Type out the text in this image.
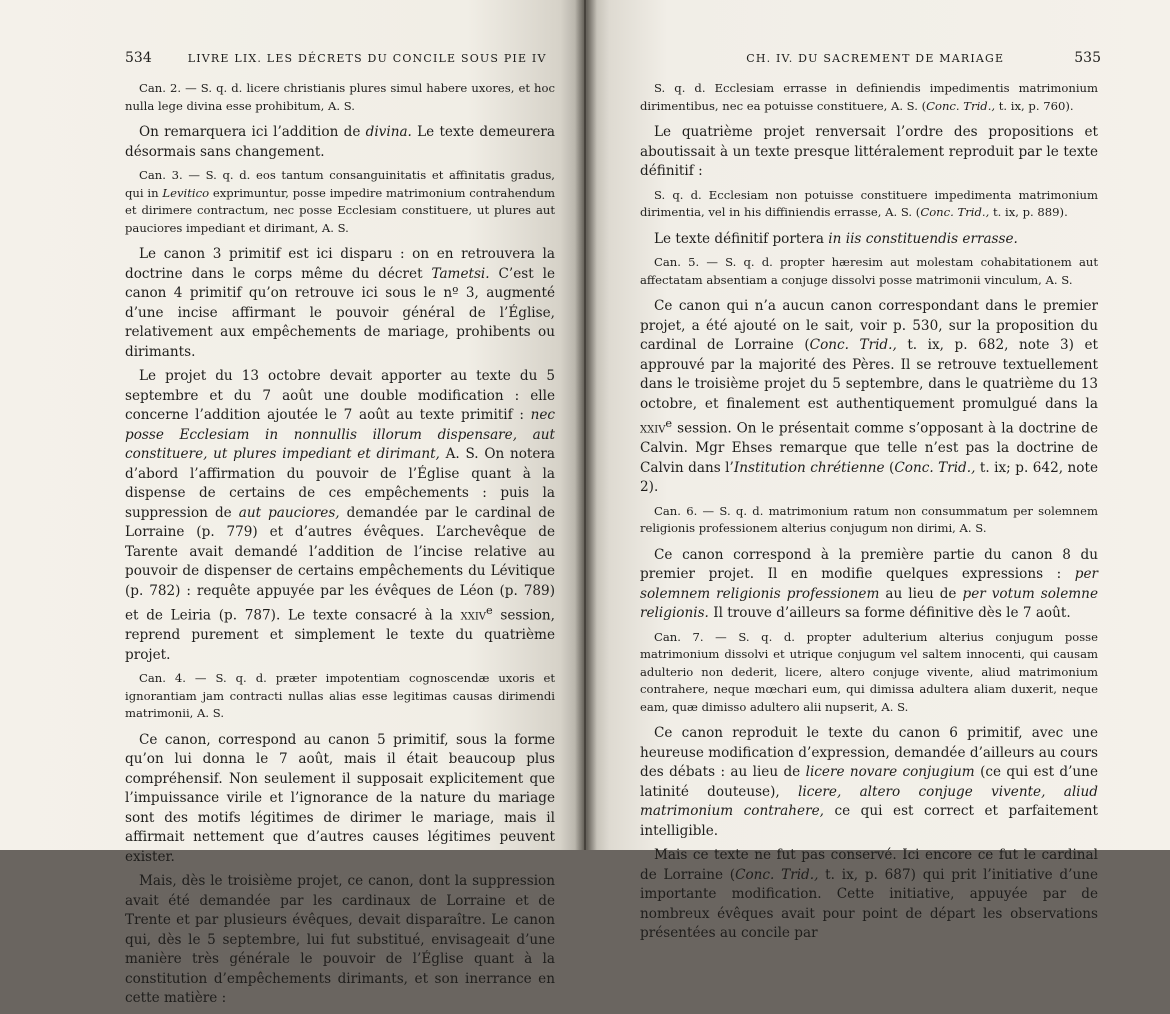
534	LIVRE LIX. LES DÉCRETS DU CONCILE SOUS PIE IV

Can. 2. — S. q. d. licere christianis plures simul habere uxores, et hoc nulla lege divina esse prohibitum, A. S.

On remarquera ici l’addition de divina. Le texte demeurera désormais sans changement.

Can. 3. — S. q. d. eos tantum consanguinitatis et affinitatis gradus, qui in Levitico exprimuntur, posse impedire matrimonium contrahendum et dirimere contractum, nec posse Ecclesiam constituere, ut plures aut pauciores impediant et dirimant, A. S.

Le canon 3 primitif est ici disparu : on en retrouvera la doctrine dans le corps même du décret Tametsi. C’est le canon 4 primitif qu’on retrouve ici sous le nº 3, augmenté d’une incise affirmant le pouvoir général de l’Église, relativement aux empêchements de mariage, prohibents ou dirimants.

Le projet du 13 octobre devait apporter au texte du 5 septembre et du 7 août une double modification : elle concerne l’addition ajoutée le 7 août au texte primitif : nec posse Ecclesiam in nonnullis illorum dispensare, aut constituere, ut plures impediant et dirimant, A. S. On notera d’abord l’affirmation du pouvoir de l’Église quant à la dispense de certains de ces empêchements : puis la suppression de aut pauciores, demandée par le cardinal de Lorraine (p. 779) et d’autres évêques. L’archevêque de Tarente avait demandé l’addition de l’incise relative au pouvoir de dispenser de certains empêchements du Lévitique (p. 782) : requête appuyée par les évêques de Léon (p. 789) et de Leiria (p. 787). Le texte consacré à la xxiv$^e$ session, reprend purement et simplement le texte du quatrième projet.

Can. 4. — S. q. d. præter impotentiam cognoscendæ uxoris et ignorantiam jam contracti nullas alias esse legitimas causas dirimendi matrimonii, A. S.

Ce canon, correspond au canon 5 primitif, sous la forme qu’on lui donna le 7 août, mais il était beaucoup plus compréhensif. Non seulement il supposait explicitement que l’impuissance virile et l’ignorance de la nature du mariage sont des motifs légitimes de dirimer le mariage, mais il affirmait nettement que d’autres causes légitimes peuvent exister.

Mais, dès le troisième projet, ce canon, dont la suppression avait été demandée par les cardinaux de Lorraine et de Trente et par plusieurs évêques, devait disparaître. Le canon qui, dès le 5 septembre, lui fut substitué, envisageait d’une manière très générale le pouvoir de l’Église quant à la constitution d’empêchements dirimants, et son inerrance en cette matière :

CH. IV. DU SACREMENT DE MARIAGE	535

S. q. d. Ecclesiam errasse in definiendis impedimentis matrimonium dirimentibus, nec ea potuisse constituere, A. S. (Conc. Trid., t. ix, p. 760).

Le quatrième projet renversait l’ordre des propositions et aboutissait à un texte presque littéralement reproduit par le texte définitif :

S. q. d. Ecclesiam non potuisse constituere impedimenta matrimonium dirimentia, vel in his diffiniendis errasse, A. S. (Conc. Trid., t. ix, p. 889).

Le texte définitif portera in iis constituendis errasse.

Can. 5. — S. q. d. propter hæresim aut molestam cohabitationem aut affectatam absentiam a conjuge dissolvi posse matrimonii vinculum, A. S.

Ce canon qui n’a aucun canon correspondant dans le premier projet, a été ajouté on le sait, voir p. 530, sur la proposition du cardinal de Lorraine (Conc. Trid., t. ix, p. 682, note 3) et approuvé par la majorité des Pères. Il se retrouve textuellement dans le troisième projet du 5 septembre, dans le quatrième du 13 octobre, et finalement est authentiquement promulgué dans la xxiv$^e$ session. On le présentait comme s’opposant à la doctrine de Calvin. Mgr Ehses remarque que telle n’est pas la doctrine de Calvin dans l’Institution chrétienne (Conc. Trid., t. ix; p. 642, note 2).

Can. 6. — S. q. d. matrimonium ratum non consummatum per solemnem religionis professionem alterius conjugum non dirimi, A. S.

Ce canon correspond à la première partie du canon 8 du premier projet. Il en modifie quelques expressions : per solemnem religionis professionem au lieu de per votum solemne religionis. Il trouve d’ailleurs sa forme définitive dès le 7 août.

Can. 7. — S. q. d. propter adulterium alterius conjugum posse matrimonium dissolvi et utrique conjugum vel saltem innocenti, qui causam adulterio non dederit, licere, altero conjuge vivente, aliud matrimonium contrahere, neque mœchari eum, qui dimissa adultera aliam duxerit, neque eam, quæ dimisso adultero alii nupserit, A. S.

Ce canon reproduit le texte du canon 6 primitif, avec une heureuse modification d’expression, demandée d’ailleurs au cours des débats : au lieu de licere novare conjugium (ce qui est d’une latinité douteuse), licere, altero conjuge vivente, aliud matrimonium contrahere, ce qui est correct et parfaitement intelligible.

Mais ce texte ne fut pas conservé. Ici encore ce fut le cardinal de Lorraine (Conc. Trid., t. ix, p. 687) qui prit l’initiative d’une importante modification. Cette initiative, appuyée par de nombreux évêques avait pour point de départ les observations présentées au concile par
